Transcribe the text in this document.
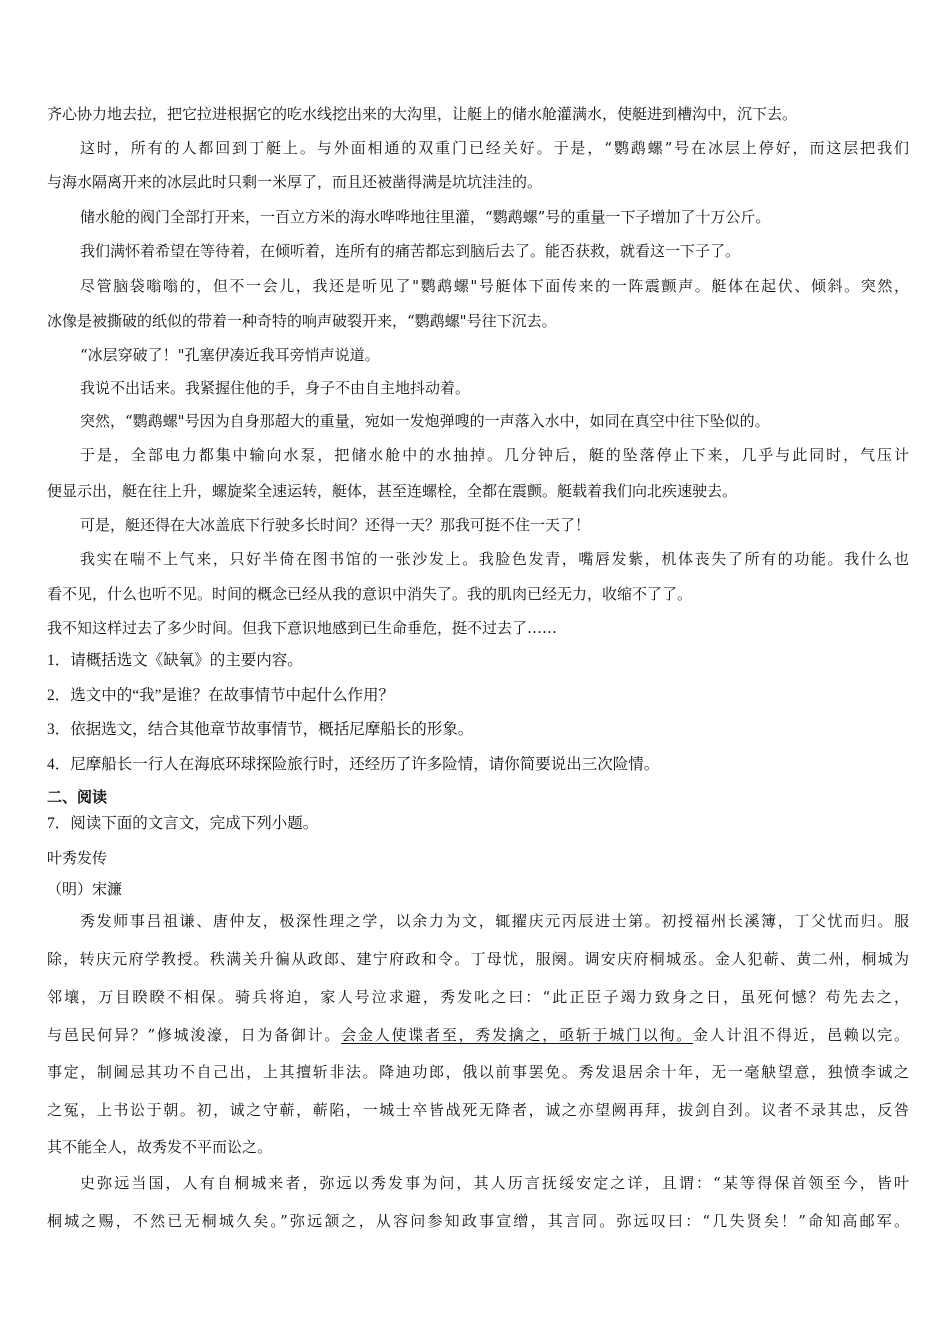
齐心协力地去拉，把它拉进根据它的吃水线挖出来的大沟里，让艇上的储水舱灌满水，使艇进到槽沟中，沉下去。
这时，所有的人都回到丁艇上。与外面相通的双重门已经关好。于是，“鹦鹉螺”号在冰层上停好，而这层把我们
与海水隔离开来的冰层此时只剩一米厚了，而且还被凿得满是坑坑洼洼的。
储水舱的阀门全部打开来，一百立方米的海水哗哗地往里灌，“鹦鹉螺”号的重量一下子增加了十万公斤。
我们满怀着希望在等待着，在倾听着，连所有的痛苦都忘到脑后去了。能否获救，就看这一下子了。
尽管脑袋嗡嗡的，但不一会儿，我还是听见了"鹦鹉螺"号艇体下面传来的一阵震颤声。艇体在起伏、倾斜。突然，
冰像是被撕破的纸似的带着一种奇特的响声破裂开来，“鹦鹉螺"号往下沉去。
“冰层穿破了！"孔塞伊凑近我耳旁悄声说道。
我说不出话来。我紧握住他的手，身子不由自主地抖动着。
突然，“鹦鹉螺"号因为自身那超大的重量，宛如一发炮弹嗖的一声落入水中，如同在真空中往下坠似的。
于是，全部电力都集中输向水泵，把储水舱中的水抽掉。几分钟后，艇的坠落停止下来，几乎与此同时，气压计
便显示出，艇在往上升，螺旋桨全速运转，艇体，甚至连螺栓，全都在震颤。艇载着我们向北疾速驶去。
可是，艇还得在大冰盖底下行驶多长时间？还得一天？那我可挺不住一天了！
我实在喘不上气来，只好半倚在图书馆的一张沙发上。我脸色发青，嘴唇发紫，机体丧失了所有的功能。我什么也
看不见，什么也听不见。时间的概念已经从我的意识中消失了。我的肌肉已经无力，收缩不了了。
我不知这样过去了多少时间。但我下意识地感到已生命垂危，挺不过去了……
1．请概括选文《缺氧》的主要内容。
2．选文中的“我”是谁？在故事情节中起什么作用？
3．依据选文，结合其他章节故事情节，概括尼摩船长的形象。
4．尼摩船长一行人在海底环球探险旅行时，还经历了许多险情，请你简要说出三次险情。
二、阅读
7．阅读下面的文言文，完成下列小题。
叶秀发传
（明）宋濂
秀发师事吕祖谦、唐仲友，极深性理之学，以余力为文，辄擢庆元丙辰进士第。初授福州长溪簿，丁父忧而归。服
除，转庆元府学教授。秩满关升徧从政郎、建宁府政和令。丁母忧，服阕。调安庆府桐城丞。金人犯蕲、黄二州，桐城为
邻壤，万目睽睽不相保。骑兵将迫，家人号泣求避，秀发叱之曰：“此正臣子竭力致身之日，虽死何憾？苟先去之，
与邑民何异？”修城浚濠，日为备御计。会金人使谍者至，秀发擒之，亟斩于城门以徇。金人计沮不得近，邑赖以完。
事定，制阃忌其功不自己出，上其擅斩非法。降迪功郎，俄以前事罢免。秀发退居余十年，无一毫觖望意，独愤李诚之
之冤，上书讼于朝。初，诚之守蕲，蕲陷，一城士卒皆战死无降者，诚之亦望阙再拜，拔剑自刭。议者不录其忠，反咎
其不能全人，故秀发不平而讼之。
史弥远当国，人有自桐城来者，弥远以秀发事为问，其人历言抚绥安定之详，且谓：“某等得保首领至今，皆叶
桐城之赐，不然已无桐城久矣。”弥远颔之，从容问参知政事宣缯，其言同。弥远叹曰：“几失贤矣！”命知高邮军。
